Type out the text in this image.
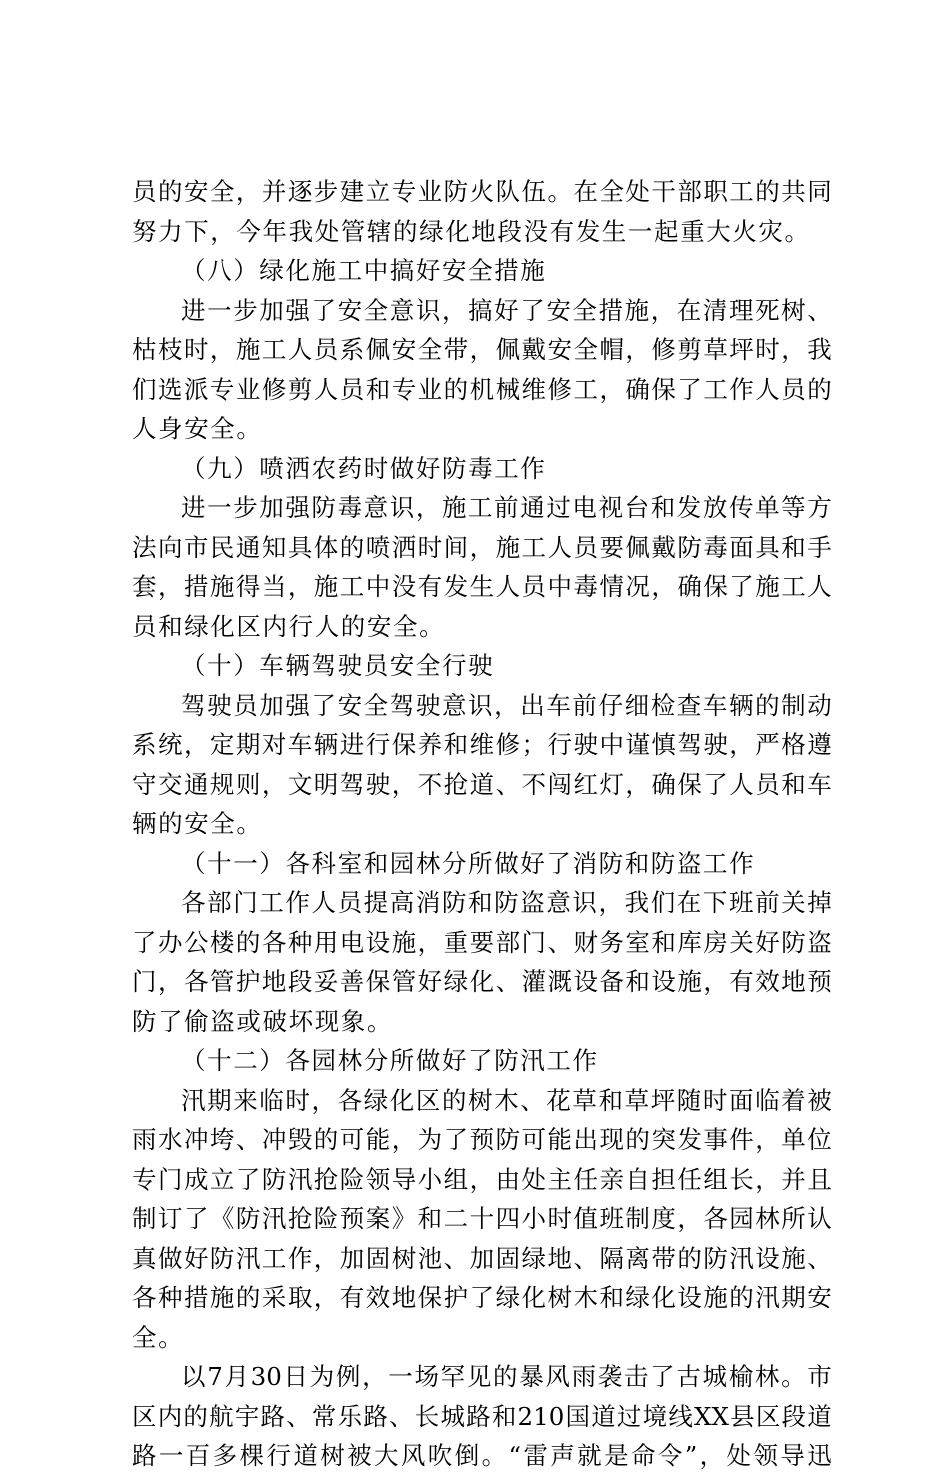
员 的 安 全 ， 并 逐 步 建 立 专 业 防 火 队 伍 。 在 全 处 干 部 职 工 的 共 同
努力下，今年我处管辖的绿化地段没有发生一起重大火灾。
（八）绿化施工中搞好安全措施
进 一 步 加 强 了 安 全 意 识 ， 搞 好 了 安 全 措 施 ， 在 清 理 死 树 、
枯 枝 时 ， 施 工 人 员 系 佩 安 全 带 ， 佩 戴 安 全 帽 ， 修 剪 草 坪 时 ， 我
们 选 派 专 业 修 剪 人 员 和 专 业 的 机 械 维 修 工 ， 确 保 了 工 作 人 员 的
人身安全。
（九）喷洒农药时做好防毒工作
进 一 步 加 强 防 毒 意 识 ， 施 工 前 通 过 电 视 台 和 发 放 传 单 等 方
法 向 市 民 通 知 具 体 的 喷 洒 时 间 ， 施 工 人 员 要 佩 戴 防 毒 面 具 和 手
套 ， 措 施 得 当 ， 施 工 中 没 有 发 生 人 员 中 毒 情 况 ， 确 保 了 施 工 人
员和绿化区内行人的安全。
（十）车辆驾驶员安全行驶
驾 驶 员 加 强 了 安 全 驾 驶 意 识 ， 出 车 前 仔 细 检 查 车 辆 的 制 动
系 统 ， 定 期 对 车 辆 进 行 保 养 和 维 修 ； 行 驶 中 谨 慎 驾 驶 ， 严 格 遵
守 交 通 规 则 ， 文 明 驾 驶 ， 不 抢 道 、 不 闯 红 灯 ， 确 保 了 人 员 和 车
辆的安全。
（十一）各科室和园林分所做好了消防和防盗工作
各 部 门 工 作 人 员 提 高 消 防 和 防 盗 意 识 ， 我 们 在 下 班 前 关 掉
了 办 公 楼 的 各 种 用 电 设 施 ， 重 要 部 门 、 财 务 室 和 库 房 关 好 防 盗
门 ， 各 管 护 地 段 妥 善 保 管 好 绿 化 、 灌 溉 设 备 和 设 施 ， 有 效 地 预
防了偷盗或破坏现象。
（十二）各园林分所做好了防汛工作
汛 期 来 临 时 ， 各 绿 化 区 的 树 木 、 花 草 和 草 坪 随 时 面 临 着 被
雨 水 冲 垮 、 冲 毁 的 可 能 ， 为 了 预 防 可 能 出 现 的 突 发 事 件 ， 单 位
专 门 成 立 了 防 汛 抢 险 领 导 小 组 ， 由 处 主 任 亲 自 担 任 组 长 ， 并 且
制 订 了 《 防 汛 抢 险 预 案 》 和 二 十 四 小 时 值 班 制 度 ， 各 园 林 所 认
真 做 好 防 汛 工 作 ， 加 固 树 池 、 加 固 绿 地 、 隔 离 带 的 防 汛 设 施 、
各 种 措 施 的 采 取 ， 有 效 地 保 护 了 绿 化 树 木 和 绿 化 设 施 的 汛 期 安
全。
以 7 月 30 日 为 例 ， 一 场 罕 见 的 暴 风 雨 袭 击 了 古 城 榆 林 。 市
区 内 的 航 宇 路 、 常 乐 路 、 长 城 路 和 210 国 道 过 境 线 XX 县 区 段 道
路 一 百 多 棵 行 道 树 被 大 风 吹 倒 。 “ 雷 声 就 是 命 令 ” ， 处 领 导 迅
